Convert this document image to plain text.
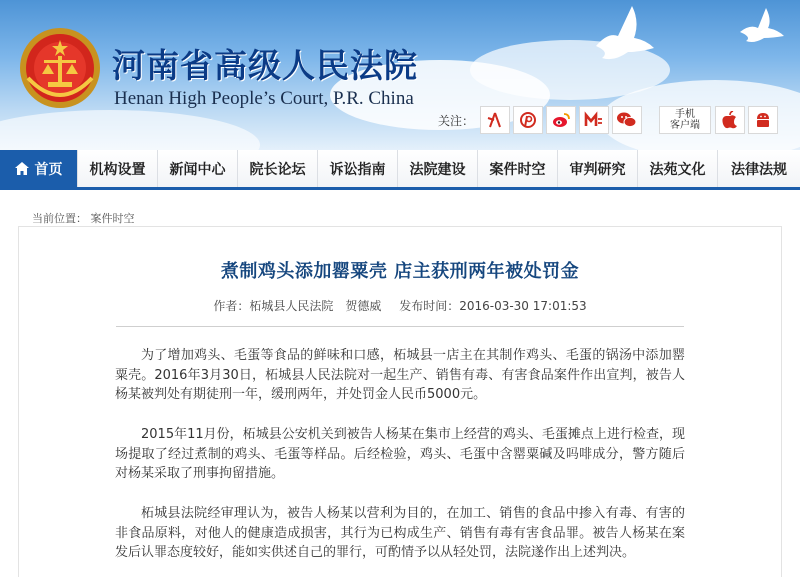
河南省高级人民法院
Henan High People’s Court, P.R. China
关注：	手机
客户端
首页	机构设置	新闻中心	院长论坛	诉讼指南	法院建设	案件时空	审判研究	法苑文化	法律法规
当前位置： 案件时空
煮制鸡头添加罂粟壳 店主获刑两年被处罚金
作者：柘城县人民法院　贺德威 发布时间：2016-03-30 17:01:53

为了增加鸡头、毛蛋等食品的鲜味和口感，柘城县一店主在其制作鸡头、毛蛋的锅汤中添加罂粟壳。2016年3月30日，柘城县人民法院对一起生产、销售有毒、有害食品案件作出宣判，被告人杨某被判处有期徒刑一年，缓刑两年，并处罚金人民币5000元。

2015年11月份，柘城县公安机关到被告人杨某在集市上经营的鸡头、毛蛋摊点上进行检查，现场提取了经过煮制的鸡头、毛蛋等样品。后经检验，鸡头、毛蛋中含罂粟碱及吗啡成分，警方随后对杨某采取了刑事拘留措施。

柘城县法院经审理认为，被告人杨某以营利为目的，在加工、销售的食品中掺入有毒、有害的非食品原料，对他人的健康造成损害，其行为已构成生产、销售有毒有害食品罪。被告人杨某在案发后认罪态度较好，能如实供述自己的罪行，可酌情予以从轻处罚，法院遂作出上述判决。
